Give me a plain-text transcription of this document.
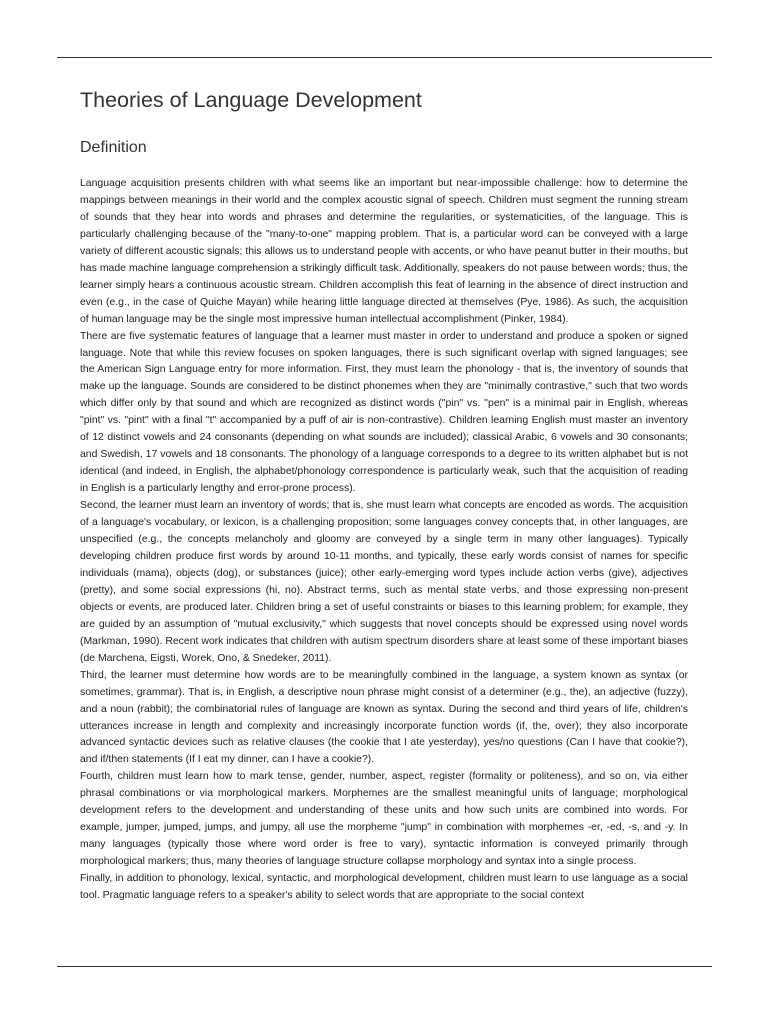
Theories of Language Development
Definition

Language acquisition presents children with what seems like an important but near-impossible challenge: how to determine the mappings between meanings in their world and the complex acoustic signal of speech. Children must segment the running stream of sounds that they hear into words and phrases and determine the regularities, or systematicities, of the language. This is particularly challenging because of the "many-to-one" mapping problem. That is, a particular word can be conveyed with a large variety of different acoustic signals; this allows us to understand people with accents, or who have peanut butter in their mouths, but has made machine language comprehension a strikingly difficult task. Additionally, speakers do not pause between words; thus, the learner simply hears a continuous acoustic stream. Children accomplish this feat of learning in the absence of direct instruction and even (e.g., in the case of Quiche Mayan) while hearing little language directed at themselves (Pye, 1986). As such, the acquisition of human language may be the single most impressive human intellectual accomplishment (Pinker, 1984).

There are five systematic features of language that a learner must master in order to understand and produce a spoken or signed language. Note that while this review focuses on spoken languages, there is such significant overlap with signed languages; see the American Sign Language entry for more information. First, they must learn the phonology - that is, the inventory of sounds that make up the language. Sounds are considered to be distinct phonemes when they are "minimally contrastive," such that two words which differ only by that sound and which are recognized as distinct words ("pin" vs. "pen" is a minimal pair in English, whereas "pint" vs. "pint" with a final "t" accompanied by a puff of air is non-contrastive). Children learning English must master an inventory of 12 distinct vowels and 24 consonants (depending on what sounds are included); classical Arabic, 6 vowels and 30 consonants; and Swedish, 17 vowels and 18 consonants. The phonology of a language corresponds to a degree to its written alphabet but is not identical (and indeed, in English, the alphabet/phonology correspondence is particularly weak, such that the acquisition of reading in English is a particularly lengthy and error-prone process).

Second, the learner must learn an inventory of words; that is, she must learn what concepts are encoded as words. The acquisition of a language's vocabulary, or lexicon, is a challenging proposition; some languages convey concepts that, in other languages, are unspecified (e.g., the concepts melancholy and gloomy are conveyed by a single term in many other languages). Typically developing children produce first words by around 10-11 months, and typically, these early words consist of names for specific individuals (mama), objects (dog), or substances (juice); other early-emerging word types include action verbs (give), adjectives (pretty), and some social expressions (hi, no). Abstract terms, such as mental state verbs, and those expressing non-present objects or events, are produced later. Children bring a set of useful constraints or biases to this learning problem; for example, they are guided by an assumption of "mutual exclusivity," which suggests that novel concepts should be expressed using novel words (Markman, 1990). Recent work indicates that children with autism spectrum disorders share at least some of these important biases (de Marchena, Eigsti, Worek, Ono, & Snedeker, 2011).

Third, the learner must determine how words are to be meaningfully combined in the language, a system known as syntax (or sometimes, grammar). That is, in English, a descriptive noun phrase might consist of a determiner (e.g., the), an adjective (fuzzy), and a noun (rabbit); the combinatorial rules of language are known as syntax. During the second and third years of life, children's utterances increase in length and complexity and increasingly incorporate function words (if, the, over); they also incorporate advanced syntactic devices such as relative clauses (the cookie that I ate yesterday), yes/no questions (Can I have that cookie?), and if/then statements (If I eat my dinner, can I have a cookie?).

Fourth, children must learn how to mark tense, gender, number, aspect, register (formality or politeness), and so on, via either phrasal combinations or via morphological markers. Morphemes are the smallest meaningful units of language; morphological development refers to the development and understanding of these units and how such units are combined into words. For example, jumper, jumped, jumps, and jumpy, all use the morpheme "jump" in combination with morphemes -er, -ed, -s, and -y. In many languages (typically those where word order is free to vary), syntactic information is conveyed primarily through morphological markers; thus, many theories of language structure collapse morphology and syntax into a single process.

Finally, in addition to phonology, lexical, syntactic, and morphological development, children must learn to use language as a social tool. Pragmatic language refers to a speaker's ability to select words that are appropriate to the social context
